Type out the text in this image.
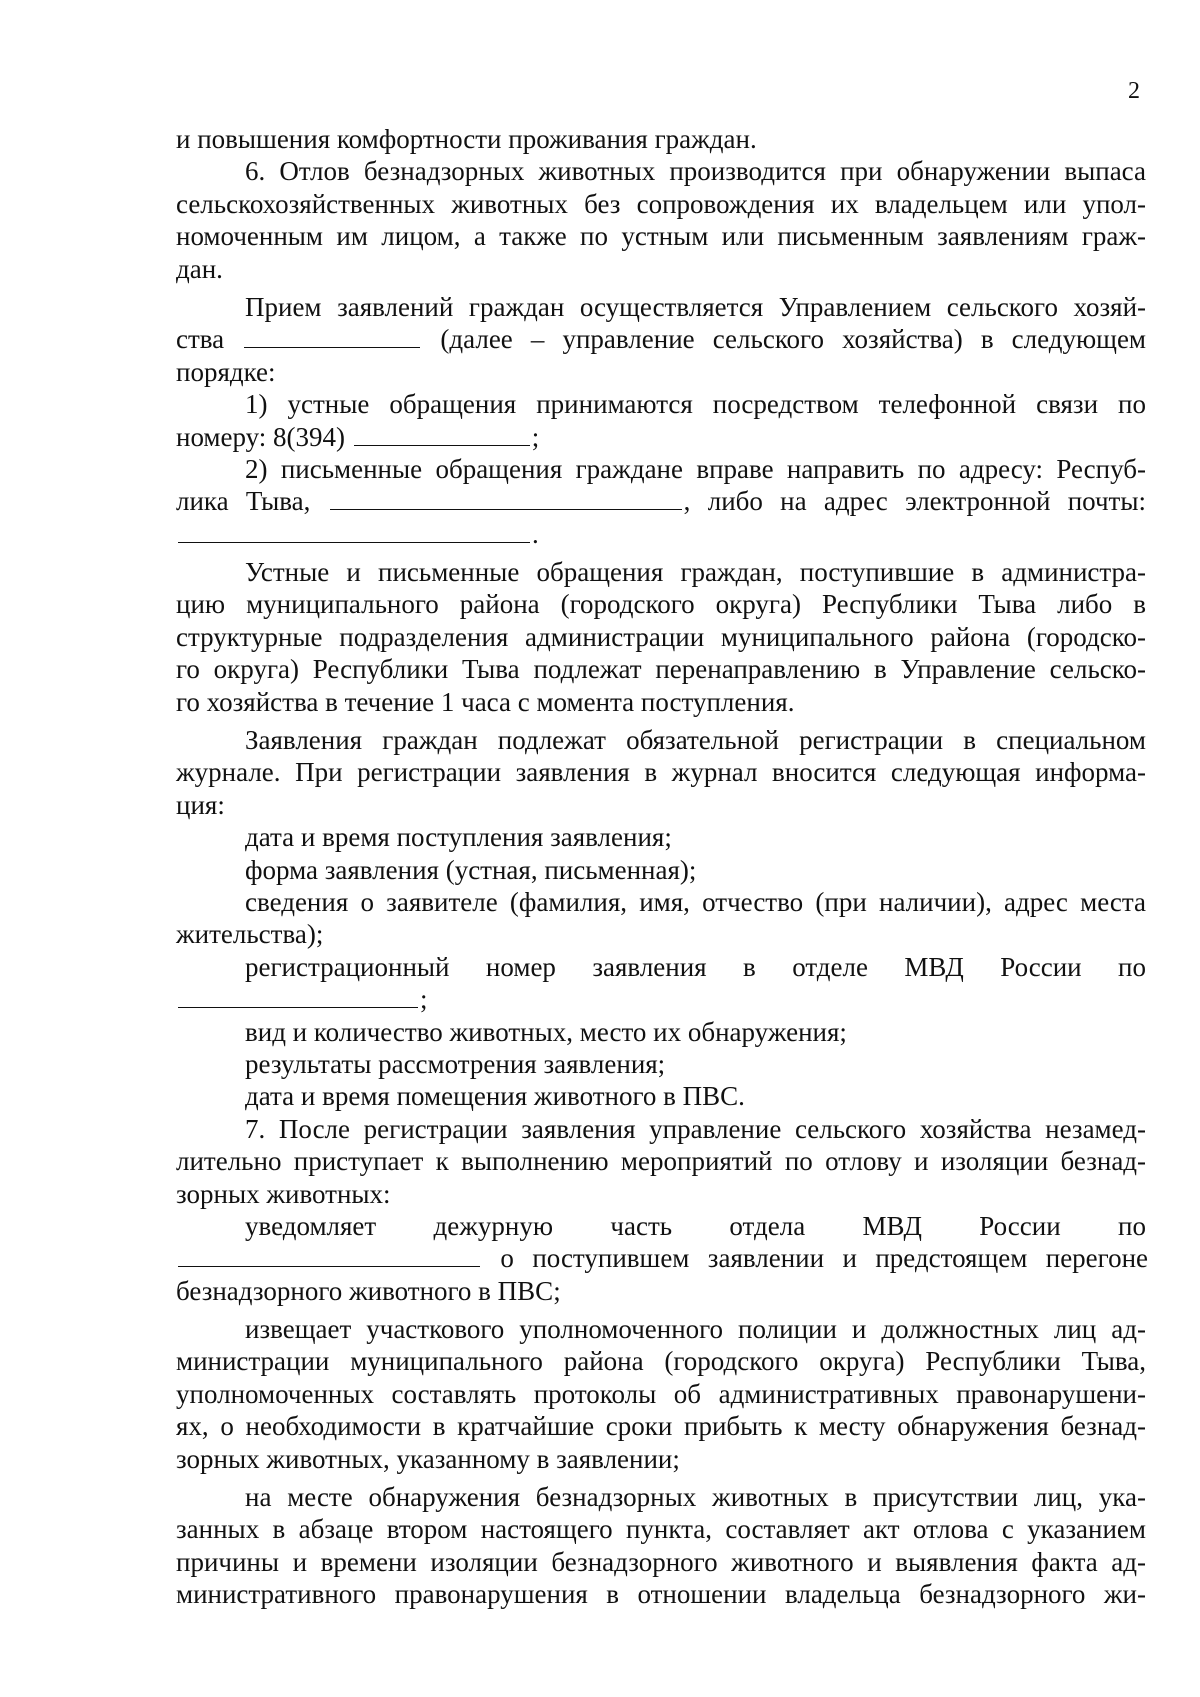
2
и повышения комфортности проживания граждан.
6. Отлов безнадзорных животных производится при обнаружении выпаса
сельскохозяйственных животных без сопровождения их владельцем или упол-
номоченным им лицом, а также по устным или письменным заявлениям граж-
дан.
Прием заявлений граждан осуществляется Управлением сельского хозяй-
ства	(далее – управление сельского хозяйства) в следующем
порядке:
1) устные обращения принимаются посредством телефонной связи по
номеру: 8(394)	;
2) письменные обращения граждане вправе направить по адресу: Респуб-
лика Тыва,	, либо на адрес электронной почты:
.
Устные и письменные обращения граждан, поступившие в администра-
цию муниципального района (городского округа) Республики Тыва либо в
структурные подразделения администрации муниципального района (городско-
го округа) Республики Тыва подлежат перенаправлению в Управление сельско-
го хозяйства в течение 1 часа с момента поступления.
Заявления граждан подлежат обязательной регистрации в специальном
журнале. При регистрации заявления в журнал вносится следующая информа-
ция:
дата и время поступления заявления;
форма заявления (устная, письменная);
сведения о заявителе (фамилия, имя, отчество (при наличии), адрес места
жительства);
регистрационный номер заявления в отделе МВД России по
;
вид и количество животных, место их обнаружения;
результаты рассмотрения заявления;
дата и время помещения животного в ПВС.
7. После регистрации заявления управление сельского хозяйства незамед-
лительно приступает к выполнению мероприятий по отлову и изоляции безнад-
зорных животных:
уведомляет дежурную часть отдела МВД России по
о поступившем заявлении и предстоящем перегоне
безнадзорного животного в ПВС;
извещает участкового уполномоченного полиции и должностных лиц ад-
министрации муниципального района (городского округа) Республики Тыва,
уполномоченных составлять протоколы об административных правонарушени-
ях, о необходимости в кратчайшие сроки прибыть к месту обнаружения безнад-
зорных животных, указанному в заявлении;
на месте обнаружения безнадзорных животных в присутствии лиц, ука-
занных в абзаце втором настоящего пункта, составляет акт отлова с указанием
причины и времени изоляции безнадзорного животного и выявления факта ад-
министративного правонарушения в отношении владельца безнадзорного жи-
